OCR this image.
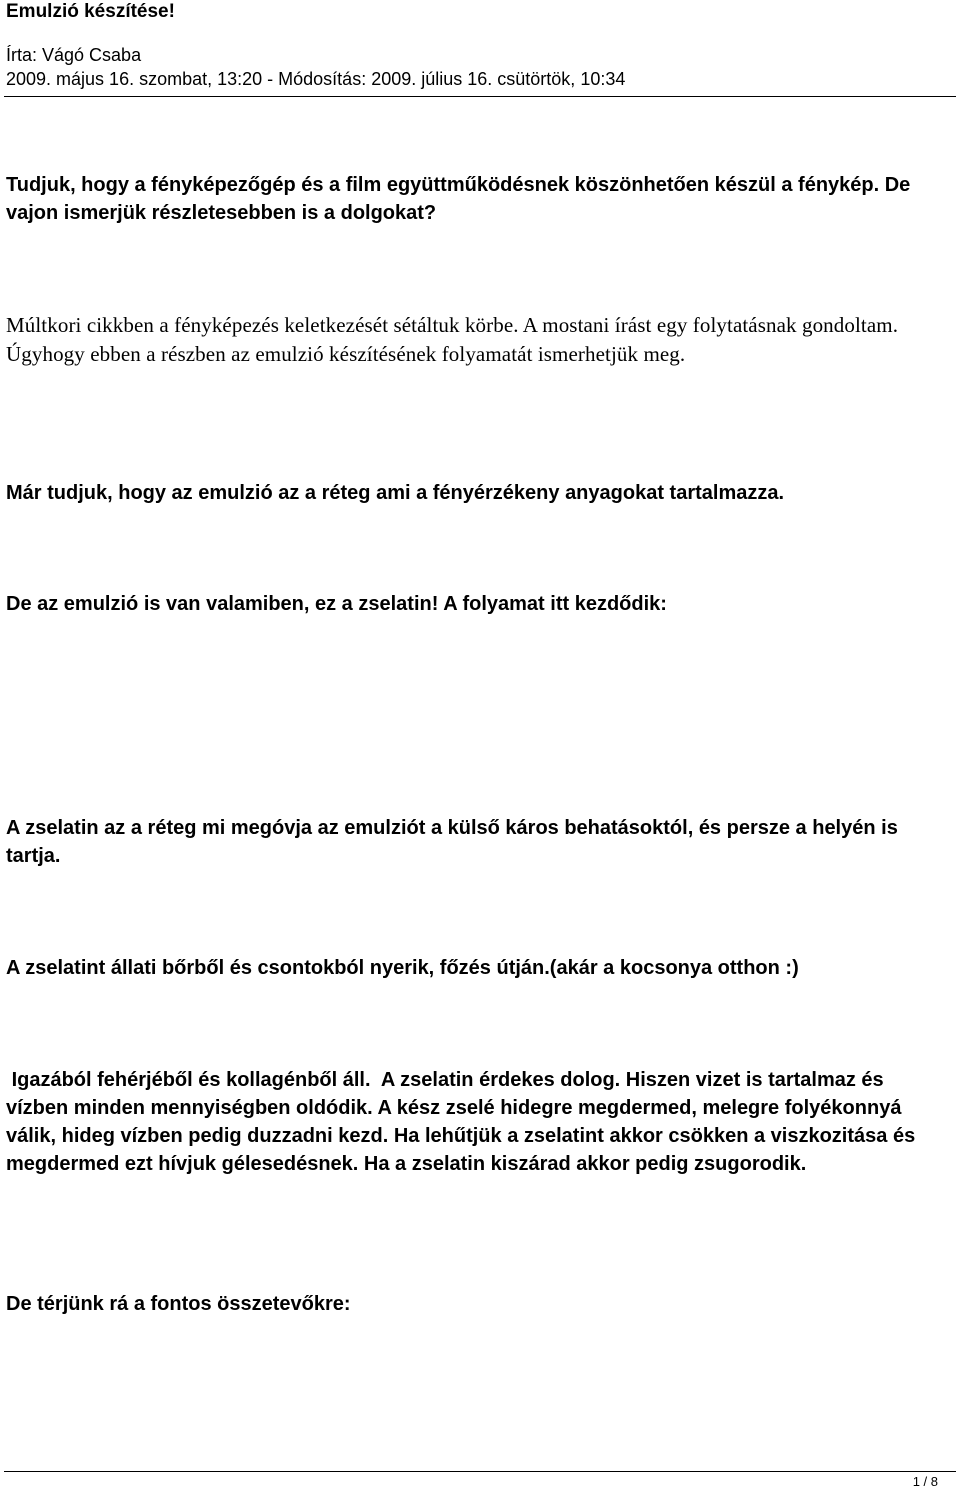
Emulzió készítése!
Írta: Vágó Csaba
2009. május 16. szombat, 13:20 - Módosítás: 2009. július 16. csütörtök, 10:34

Tudjuk, hogy a fényképezőgép és a film együttműködésnek köszönhetően készül a fénykép. De vajon ismerjük részletesebben is a dolgokat?

Múltkori cikkben a fényképezés keletkezését sétáltuk körbe. A mostani írást egy folytatásnak gondoltam. Úgyhogy ebben a részben az emulzió készítésének folyamatát ismerhetjük meg.

Már tudjuk, hogy az emulzió az a réteg ami a fényérzékeny anyagokat tartalmazza.

De az emulzió is van valamiben, ez a zselatin! A folyamat itt kezdődik:

A zselatin az a réteg mi megóvja az emulziót a külső káros behatásoktól, és persze a helyén is tartja.

A zselatint állati bőrből és csontokból nyerik, főzés útján.(akár a kocsonya otthon :)

Igazából fehérjéből és kollagénből áll.  A zselatin érdekes dolog. Hiszen vizet is tartalmaz és vízben minden mennyiségben oldódik. A kész zselé hidegre megdermed, melegre folyékonnyá válik, hideg vízben pedig duzzadni kezd. Ha lehűtjük a zselatint akkor csökken a viszkozitása és megdermed ezt hívjuk gélesedésnek. Ha a zselatin kiszárad akkor pedig zsugorodik.

De térjünk rá a fontos összetevőkre:

1 / 8
